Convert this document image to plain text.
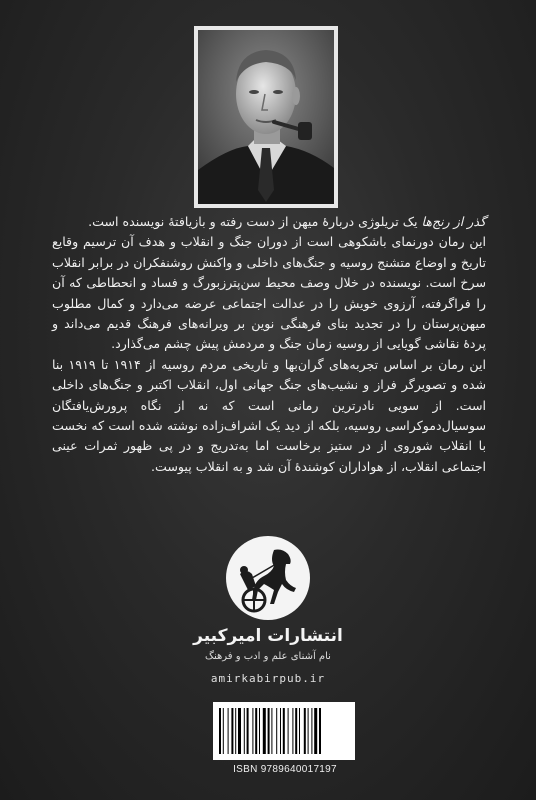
گذر از رنج‌ها یک تریلوژی دربارهٔ میهن از دست رفته و بازیافتهٔ نویسنده است.

این رمان دورنمای باشکوهی است از دوران جنگ و انقلاب و هدف آن ترسیم وقایع تاریخ و اوضاع متشنج روسیه و جنگ‌های داخلی و واکنش روشنفکران در برابر انقلاب سرخ است. نویسنده در خلال وصف محیط سن‌پترزبورگ و فساد و انحطاطی که آن را فراگرفته، آرزوی خویش را در عدالت اجتماعی عرضه می‌دارد و کمال مطلوب میهن‌پرستان را در تجدید بنای فرهنگی نوین بر ویرانه‌های فرهنگ قدیم می‌داند و پردهٔ نقاشی گویایی از روسیه زمان جنگ و مردمش پیش چشم می‌گذارد.

این رمان بر اساس تجربه‌های گران‌بها و تاریخی مردم روسیه از ۱۹۱۴ تا ۱۹۱۹ بنا شده و تصویرگر فراز و نشیب‌های جنگ جهانی اول، انقلاب اکتبر و جنگ‌های داخلی است. از سویی نادرترین رمانی است که نه از نگاه پرورش‌یافتگان سوسیال‌دموکراسی روسیه، بلکه از دید یک اشراف‌زاده نوشته شده است که نخست با انقلاب شوروی از در ستیز برخاست اما به‌تدریج و در پی ظهور ثمرات عینی اجتماعی انقلاب، از هواداران کوشندهٔ آن شد و به انقلاب پیوست.

انتشارات امیرکبیر
نام آشنای علم و ادب و فرهنگ
amirkabirpub.ir
ISBN 9789640017197
